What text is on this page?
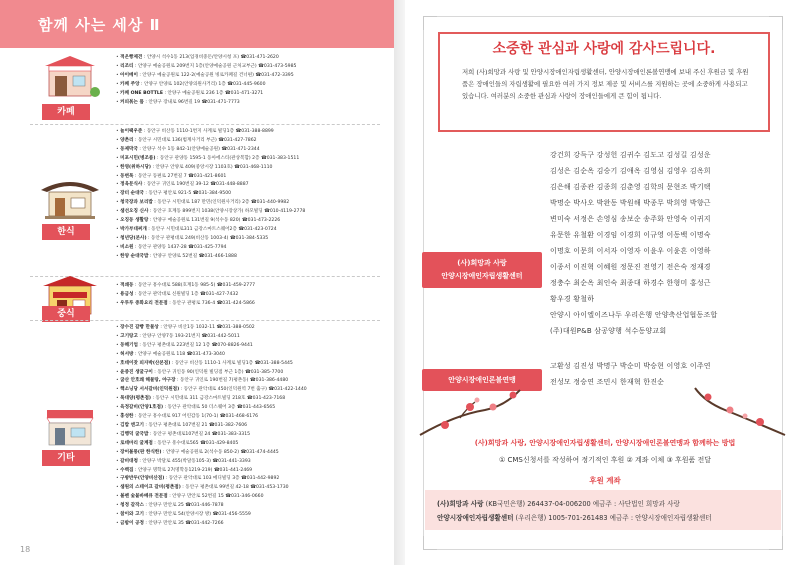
함께 사는 세상 Ⅱ
카페
• 적온빵제견 : 안양시 석수1동 213(업경비중돈/안양시청 포) ☎031-471-2620
• 리조티 : 안양구 예술공원로 209번지 1층(안양예술공원 근처교부근) ☎031-473-5985
• 아이메이 : 안양구 예술공원로 122-2(예술공원 빙로카페길 건너편) ☎031-472-3395
• 카페 주앙 : 안양구 안양로 102(안양의원사거리) 1층 ☎031-445-9600
• 카페 ONE BOTTLE : 안양구 예술공원로 236 1층 ☎031-471-3271
• 커피볶는 틈 : 안양구 장내로 96번길 19 ☎031-471-7773
한식
• 놀이팩우준 : 동안구 비산동 1110-1번지 사계로 빌딩1층 ☎031-388-8899
• 양촌리 : 동안구 시민대로 136(범계사거리 부근) ☎031-427-7862
• 동제막국 : 안양구 석수 1동 842-1(안양예술공원) ☎031-471-2344
• 미포시민(병조름) : 동안구 관양동 1595-1 동아에스티(관상복합) 2층 ☎031-383-1511
• 한영(위하시당) : 안양구 안양로 409(중앙시장 1103호) ☎031-468-1110
• 동변목 : 동안구 동편로 27번길 7 ☎031-421-8601
• 정육문식사 : 동안구 귀인로 190번길 39-12 ☎031-448-8887
• 장터 순대국 : 동안구 평안로 921-5 ☎031-384-9500
• 청국장과 보리밥 : 동안구 시민대로 187 만민(인덕원사거리) 2층 ☎031-440-9982
• 샘선오징 신사 : 동안구 호계동 899번지 1038(안양시장상가) 하모빌딩 ☎010-4119-2778
• 오징동 생활랑 : 안양구 예술공원로 131번길 9(석수동 820) ☎031-473-2226
• 박가부대찌개 : 동안구 시민대로311 금강스마트스퀘어2층 ☎031-423-0724
• 청년당(본사) : 동안구 관평대로 249(비산동 1003-4) ☎031-384-5335
• 비소원 : 동안구 관양동 1437-28 ☎031-425-7794
• 한양 순대국밥 : 안양구 안양로 52번길 ☎031-466-1888
중식
• 적쇄동 : 동안구 흥수대로 588(호계1동 985-5) ☎031-459-2777
• 용금성 : 동안구 관악대로 신원빌딩 1층 ☎031-427-7432
• 우투루 중화요리 전문점 : 동안구 관평로 736-4 ☎031-424-5866
기타
• 장수진 갈빵 만물상 : 안양구 비산1동 1032-11 ☎031-388-0502
• 고기랑고 : 안양구 안양7동 193-21번지 ☎031-442-5011
• 동해기업 : 동안구 평촌대로 223번길 12 1층 ☎070-8826-9441
• 허서방 : 안양구 예술공원로 118 ☎031-473-3040
• 호데이잣 피자박(산본점) : 동안구 비산동 1110-1 사계로 빌딩1층 ☎031-388-5445
• 윤중진 생굴구이 : 동안구 귀인동 90(인덕원 빌딩점 부근 1층) ☎031-385-7700
• 굽산 안호쾌 해물랑, 야구장 : 동안구 귀인로 190번길 7(평촌동) ☎031-386-4480
• 핵소닝당 서서갈비(인덕원점) : 동안구 관악대로 450(인덕원역 7번 출구) ☎031-422-1440
• 목대양(평촌점) : 동안구 시민대로 311 금강스마트빌딩 218호 ☎031-423-7168
• 육정갈비(안양1호점) : 동안구 관악대로 50 더스퀘어 3층 ☎031-443-6565
• 홍성한 : 동안구 흥수대로 917 어린감동 1(70-1) ☎031-468-6176
• 김밥 앤고기 : 동안구 평촌대로 107번길 21 ☎031-382-7606
• 김행덕 굴국밥 : 동안구 평촌대로107번길 24 ☎031-383-3315
• 로데마리 굴계점 : 동안구 흥수대로565 ☎031-429-8405
• 장어볼통(판 한식한) : 안양구 예술공원로 2(석수동 850-2) ☎031-474-4445
• 갈비대청 : 안양구 박달로 455(박달동105-3) ☎031-441-3393
• 수백집 : 안양구 명학로 27(명학동1219-219) ☎031-441-2469
• 구방반두(안양비산점) : 동안구 관악대로 103 메디빌딩 3층 ☎031-442-9892
• 샘원의 스테이크 갈비(평촌점) : 동안구 평촌대로 99번길 42-18 ☎031-453-1730
• 볼펜 숯불바베큐 전문점 : 안양구 만안로 52번길 15 ☎031-346-0660
• 청정 갈작스 : 안양구 만안로 25 ☎031-446-7878
• 참이와 고기 : 안양구 만안로 54(안양시장 방) ☎031-456-5559
• 금밤이 공정 : 안양구 만안로 35 ☎031-442-7266
18
소중한 관심과 사랑에 감사드립니다.
저희 (사)희망과 사랑 및 안양시장애인자립생활센터, 안양시장애인론볼연맹에 보내 주신 후원금 및 후원품은 장애인들의 자립생활에 필요한 여러 가지 정보 제공 및 서비스를 지원하는 곳에 소중하게 사용되고 있습니다. 여러분의 소중한 관심과 사랑이 장애인들에게 큰 힘이 됩니다.
(사)희망과 사랑
안양시장애인자립생활센터
강건희 강득구 강성헌 김귀수 김도고 김성길 김성운
김성은 김순옥 김승기 김애옥 김영심 김영우 김옥희
김은해 김종관 김종희 김춘영 김학의 문현조 박기택
박명순 박사오 박완동 박원해 박종무 박희영 박향근
변미숙 서정은 손영심 송보순 송주화 안영숙 이귀지
유문한 유철환 이경임 이경희 이규영 이동백 이명숙
이명호 이문희 이서자 이영자 이윤우 이윤흔 이영하
이종서 이진혁 이혜원 정문진 전영기 전은숙 정재경
정충수 최순옥 최인숙 최종대 하경수 한형미 홍성근
황우경 황철하
안양시 아이엘이즈나두 우리은행 안양축산업협동조합
(주)대원P&B 삼공양행 석수동양교회
안양시장애인론볼연맹
고환성 김진성 박명구 박순미 박승현 이영호 이주연
전성모 정승연 조민시 한재혁 한진순
(사)희망과 사랑, 안양시장애인자립생활센터, 안양시장애인론볼연맹과 함께하는 방법
① CMS신청서를 작성하여 정기적인 후원 ② 계좌 이체 ③ 후원품 전달
후원 계좌
(사)희망과 사랑 (KB국민은행) 264437-04-006200 예금주 : 사단법인 희망과 사랑
안양시장애인자립생활센터 (우리은행) 1005-701-261483 예금주 : 안양시장애인자립생활센터
